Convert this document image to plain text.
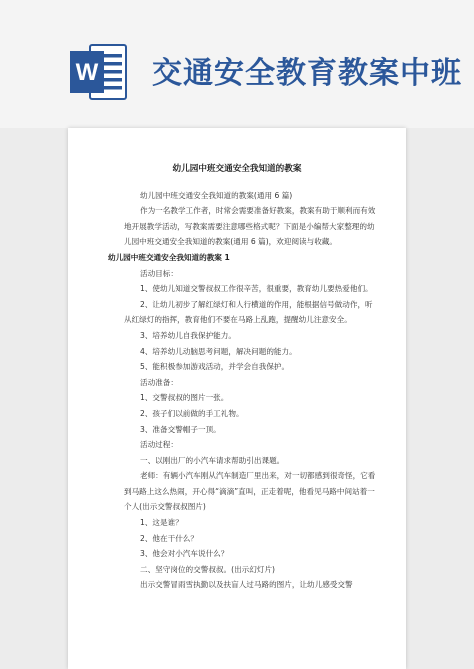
W 交通安全教育教案中班
幼儿园中班交通安全我知道的教案
幼儿园中班交通安全我知道的教案(通用 6 篇)
作为一名教学工作者，时常会需要准备好教案，教案有助于顺利而有效地开展教学活动，写教案需要注意哪些格式呢？下面是小编帮大家整理的幼儿园中班交通安全我知道的教案(通用 6 篇)，欢迎阅读与收藏。
幼儿园中班交通安全我知道的教案 1
活动目标：
1、使幼儿知道交警叔叔工作很辛苦，很重要，教育幼儿要热爱他们。
2、让幼儿初步了解红绿灯和人行横道的作用，能根据信号做动作，听从红绿灯的指挥，教育他们不要在马路上乱跑，提醒幼儿注意安全。
3、培养幼儿自我保护能力。
4、培养幼儿动脑思考问题，解决问题的能力。
5、能积极参加游戏活动，并学会自我保护。
活动准备：
1、交警叔叔的图片一张。
2、孩子们以前做的手工礼物。
3、准备交警帽子一顶。
活动过程：
一、以刚出厂的小汽车请求帮助引出课题。
老师：有辆小汽车刚从汽车制造厂里出来，对一切都感到很奇怪，它看到马路上这么热闹，开心得“滴滴”直叫，正走着呢，他看见马路中间站着一个人(出示交警叔叔图片)
1、这是谁？
2、他在干什么？
3、他会对小汽车说什么？
二、坚守岗位的交警叔叔。(出示幻灯片)
出示交警冒雨雪执勤以及扶盲人过马路的图片，让幼儿感受交警
